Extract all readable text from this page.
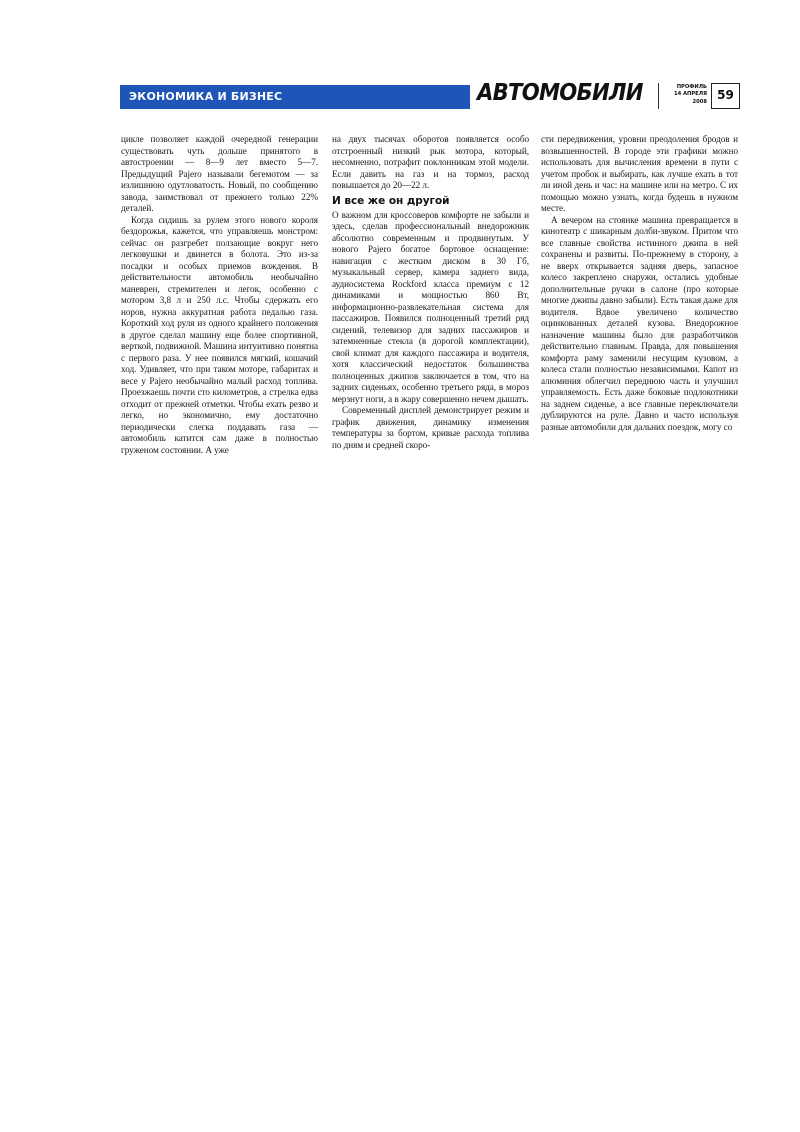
ЭКОНОМИКА И БИЗНЕС	АВТОМОБИЛИ	ПРОФИЛЬ
14 АПРЕЛЯ
2008 59

циклe позволяет каждой очередной генерации существовать чуть дольше принятого в автостроении — 8—9 лет вместо 5—7. Предыдущий Pajero называли бегемотом — за излишнюю одутловатость. Новый, по сообщению завода, заимствовал от прежнего только 22% деталей.

Когда сидишь за рулем этого нового короля бездорожья, кажется, что управляешь монстром: сейчас он разгребет ползающие вокруг него легковушки и двинется в болота. Это из-за посадки и особых приемов вождения. В действительности автомобиль необычайно маневрен, стремителен и легок, особенно с мотором 3,8 л и 250 л.с. Чтобы сдержать его норов, нужна аккуратная работа педалью газа. Короткий ход руля из одного крайнего положения в другое сделал машину еще более спортивной, верткой, подвижной. Машина интуитивно понятна с первого раза. У нее появился мягкий, кошачий ход. Удивляет, что при таком моторе, габаритах и весе у Pajero необычайно малый расход топлива. Проезжаешь почти сто километров, а стрелка едва отходит от прежней отметки. Чтобы ехать резво и легко, но экономично, ему достаточно периодически слегка поддавать газа — автомобиль катится сам даже в полностью груженом состоянии. А уже

на двух тысячах оборотов появляется особо отстроенный низкий рык мотора, который, несомненно, потрафит поклонникам этой модели. Если давить на газ и на тормоз, расход повышается до 20—22 л.

И все же он другой

О важном для кроссоверов комфорте не забыли и здесь, сделав профессиональный внедорожник абсолютно современным и продвинутым. У нового Pajero богатое бортовое оснащение: навигация с жестким диском в 30 Гб, музыкальный сервер, камера заднего вида, аудиосистема Rockford класса премиум с 12 динамиками и мощностью 860 Вт, информационно-развлекательная система для пассажиров. Появился полноценный третий ряд сидений, телевизор для задних пассажиров и затемненные стекла (в дорогой комплектации), свой климат для каждого пассажира и водителя, хотя классический недостаток большинства полноценных джипов заключается в том, что на задних сиденьях, особенно третьего ряда, в мороз мерзнут ноги, а в жару совершенно нечем дышать.

Современный дисплей демонстрирует режим и график движения, динамику изменения температуры за бортом, кривые расхода топлива по дням и средней скоро-

сти передвижения, уровни преодоления бродов и возвышенностей. В городе эти графики можно использовать для вычисления времени в пути с учетом пробок и выбирать, как лучше ехать в тот ли иной день и час: на машине или на метро. С их помощью можно узнать, когда будешь в нужном месте.

А вечером на стоянке машина превращается в кинотеатр с шикарным долби-звуком. Притом что все главные свойства истинного джипа в ней сохранены и развиты. По-прежнему в сторону, а не вверх открывается задняя дверь, запасное колесо закреплено снаружи, остались удобные дополнительные ручки в салоне (про которые многие джипы давно забыли). Есть такая даже для водителя. Вдвое увеличено количество оцинкованных деталей кузова. Внедорожное назначение машины было для разработчиков действительно главным. Правда, для повышения комфорта раму заменили несущим кузовом, а колеса стали полностью независимыми. Капот из алюминия облегчил переднюю часть и улучшил управляемость. Есть даже боковые подлокотники на заднем сиденье, а все главные переключатели дублируются на руле. Давно и часто используя разные автомобили для дальних поездок, могу со
